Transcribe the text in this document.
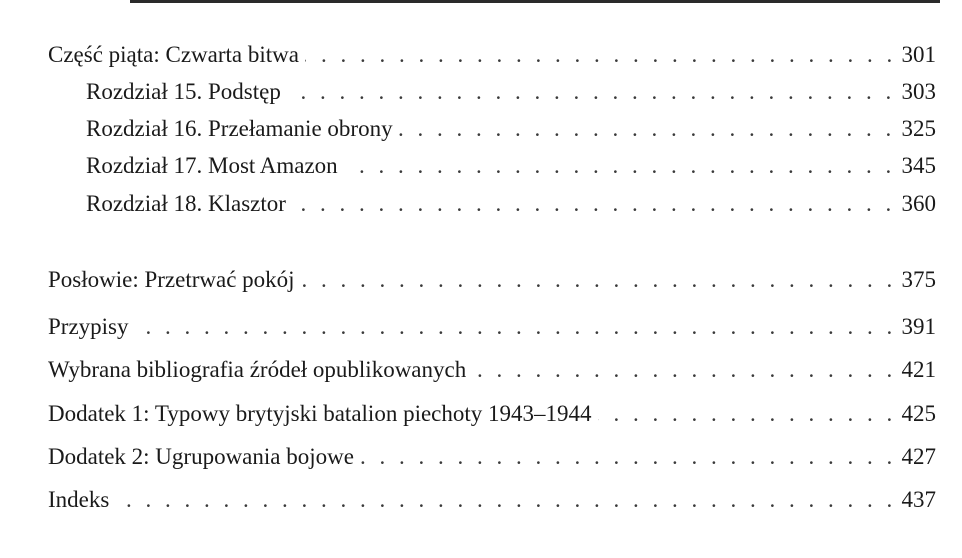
. . .
Część piąta: Czwarta bitwa	301
. . .
Rozdział 15. Podstęp	303
. . .
Rozdział 16. Przełamanie obrony	325
. . .
Rozdział 17. Most Amazon	345
. . .
Rozdział 18. Klasztor	360
. . .
Posłowie: Przetrwać pokój	375
. . .
Przypisy	391
. . .
Wybrana bibliografia źródeł opublikowanych	421
. . .
Dodatek 1: Typowy brytyjski batalion piechoty 1943–1944	425
. . .
Dodatek 2: Ugrupowania bojowe	427
. . .
Indeks	437
